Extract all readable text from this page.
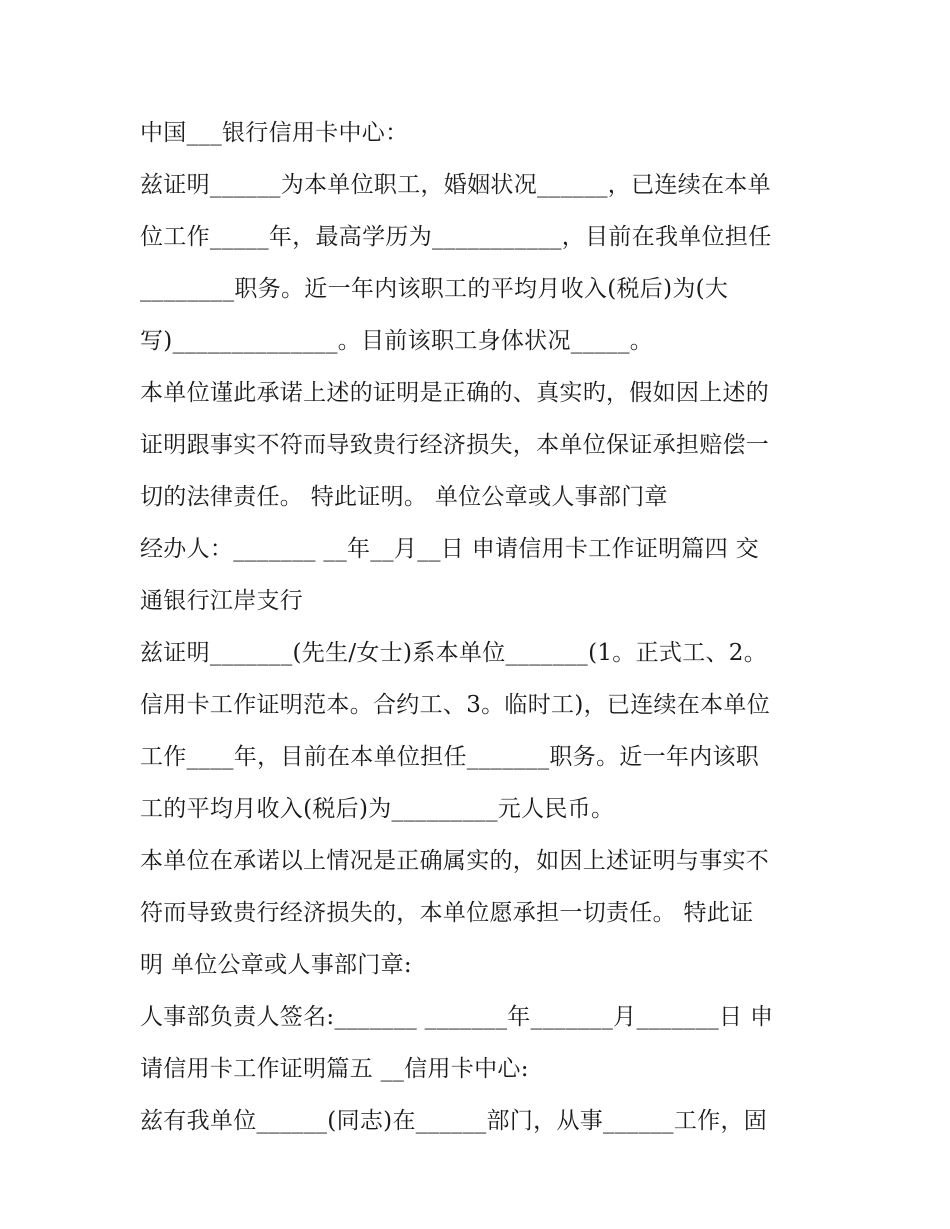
中国___银行信用卡中心：
兹证明______为本单位职工，婚姻状况______，已连续在本单
位工作_____年，最高学历为___________，目前在我单位担任
________职务。近一年内该职工的平均月收入(税后)为(大
写)______________。目前该职工身体状况_____。
本单位谨此承诺上述的证明是正确的、真实旳，假如因上述的
证明跟事实不符而导致贵行经济损失，本单位保证承担赔偿一
切的法律责任。 特此证明。 单位公章或人事部门章
经办人：_______ __年__月__日 申请信用卡工作证明篇四 交
通银行江岸支行
兹证明_______(先生/女士)系本单位_______(1。正式工、2。
信用卡工作证明范本。合约工、3。临时工)，已连续在本单位
工作____年，目前在本单位担任_______职务。近一年内该职
工的平均月收入(税后)为_________元人民币。
本单位在承诺以上情况是正确属实的，如因上述证明与事实不
符而导致贵行经济损失的，本单位愿承担一切责任。 特此证
明 单位公章或人事部门章:
人事部负责人签名:_______ _______年_______月_______日 申
请信用卡工作证明篇五 __信用卡中心:
兹有我单位______(同志)在______部门，从事______工作，固
